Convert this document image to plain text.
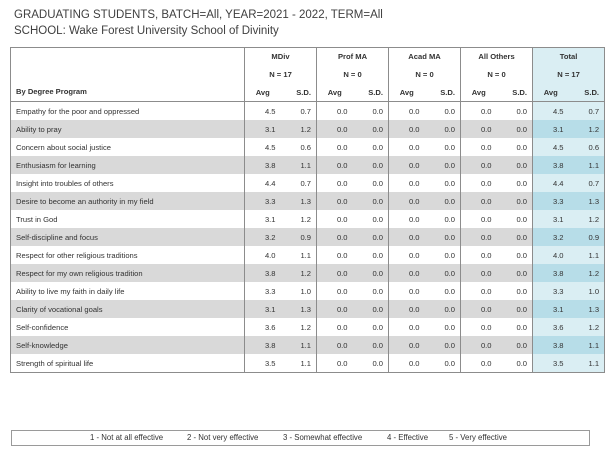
GRADUATING STUDENTS, BATCH=All, YEAR=2021 - 2022, TERM=All
SCHOOL: Wake Forest University School of Divinity
By Degree Program	MDiv		Prof MA		Acad MA		All Others		Total	
	N = 17		N = 0		N = 0		N = 0		N = 17	
	Avg	S.D.	Avg	S.D.	Avg	S.D.	Avg	S.D.	Avg	S.D.
Empathy for the poor and oppressed	4.5	0.7	0.0	0.0	0.0	0.0	0.0	0.0	4.5	0.7
Ability to pray	3.1	1.2	0.0	0.0	0.0	0.0	0.0	0.0	3.1	1.2
Concern about social justice	4.5	0.6	0.0	0.0	0.0	0.0	0.0	0.0	4.5	0.6
Enthusiasm for learning	3.8	1.1	0.0	0.0	0.0	0.0	0.0	0.0	3.8	1.1
Insight into troubles of others	4.4	0.7	0.0	0.0	0.0	0.0	0.0	0.0	4.4	0.7
Desire to become an authority in my field	3.3	1.3	0.0	0.0	0.0	0.0	0.0	0.0	3.3	1.3
Trust in God	3.1	1.2	0.0	0.0	0.0	0.0	0.0	0.0	3.1	1.2
Self-discipline and focus	3.2	0.9	0.0	0.0	0.0	0.0	0.0	0.0	3.2	0.9
Respect for other religious traditions	4.0	1.1	0.0	0.0	0.0	0.0	0.0	0.0	4.0	1.1
Respect for my own religious tradition	3.8	1.2	0.0	0.0	0.0	0.0	0.0	0.0	3.8	1.2
Ability to live my faith in daily life	3.3	1.0	0.0	0.0	0.0	0.0	0.0	0.0	3.3	1.0
Clarity of vocational goals	3.1	1.3	0.0	0.0	0.0	0.0	0.0	0.0	3.1	1.3
Self-confidence	3.6	1.2	0.0	0.0	0.0	0.0	0.0	0.0	3.6	1.2
Self-knowledge	3.8	1.1	0.0	0.0	0.0	0.0	0.0	0.0	3.8	1.1
Strength of spiritual life	3.5	1.1	0.0	0.0	0.0	0.0	0.0	0.0	3.5	1.1
1 - Not at all effective	2 - Not very effective	3 - Somewhat effective	4 - Effective	5 - Very effective
